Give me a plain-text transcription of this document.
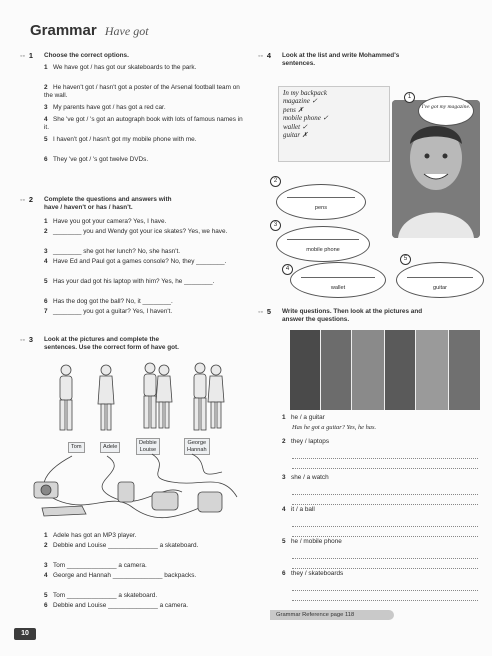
Grammar Have got
◦◦ 1 Choose the correct options.
1 We have got / has got our skateboards to the park.
2 He haven't got / hasn't got a poster of the Arsenal football team on the wall.
3 My parents have got / has got a red car.
4 She 've got / 's got an autograph book with lots of famous names in it.
5 I haven't got / hasn't got my mobile phone with me.
6 They 've got / 's got twelve DVDs.
◦◦ 2 Complete the questions and answers with
have / haven't or has / hasn't.
1 Have you got your camera? Yes, I have.
2 ________ you and Wendy got your ice skates? Yes, we have.
3 ________ she got her lunch? No, she hasn't.
4 Have Ed and Paul got a games console? No, they ________.
5 Has your dad got his laptop with him? Yes, he ________.
6 Has the dog got the ball? No, it ________.
7 ________ you got a guitar? Yes, I haven't.
◦◦ 3 Look at the pictures and complete the
sentences. Use the correct form of have got.
Tom	Adele
Debbie
Louise
George
Hannah
1 Adele has got an MP3 player.
2 Debbie and Louise ______________ a skateboard.
3 Tom ______________ a camera.
4 George and Hannah ______________ backpacks.
5 Tom ______________ a skateboard.
6 Debbie and Louise ______________ a camera.
◦◦ 4 Look at the list and write Mohammed's
sentences.
In my backpack
magazine ✓
pens ✗
mobile phone ✓
wallet ✓
guitar ✗
1
I've got my magazine.
2
pens
3
mobile phone
4
wallet
5
guitar
◦◦ 5 Write questions. Then look at the pictures and
answer the questions.
1 he / a guitar
Has he got a guitar? Yes, he has.
2 they / laptops
3 she / a watch
4 it / a ball
5 he / mobile phone
6 they / skateboards
Grammar Reference page 118
10
